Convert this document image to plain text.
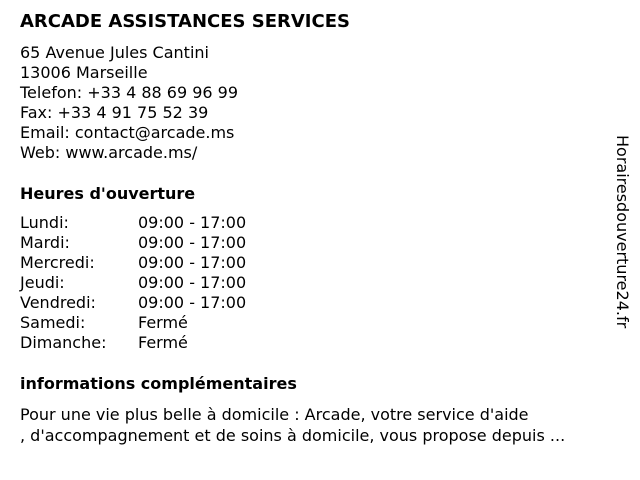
ARCADE ASSISTANCES SERVICES
65 Avenue Jules Cantini
13006 Marseille
Telefon: +33 4 88 69 96 99
Fax: +33 4 91 75 52 39
Email: contact@arcade.ms
Web: www.arcade.ms/
Heures d'ouverture
Lundi:	09:00 - 17:00
Mardi:	09:00 - 17:00
Mercredi:	09:00 - 17:00
Jeudi:	09:00 - 17:00
Vendredi:	09:00 - 17:00
Samedi:	Fermé
Dimanche:	Fermé
informations complémentaires
Pour une vie plus belle à domicile : Arcade, votre service d'aide
, d'accompagnement et de soins à domicile, vous propose depuis ...
Horairesdouverture24.fr
